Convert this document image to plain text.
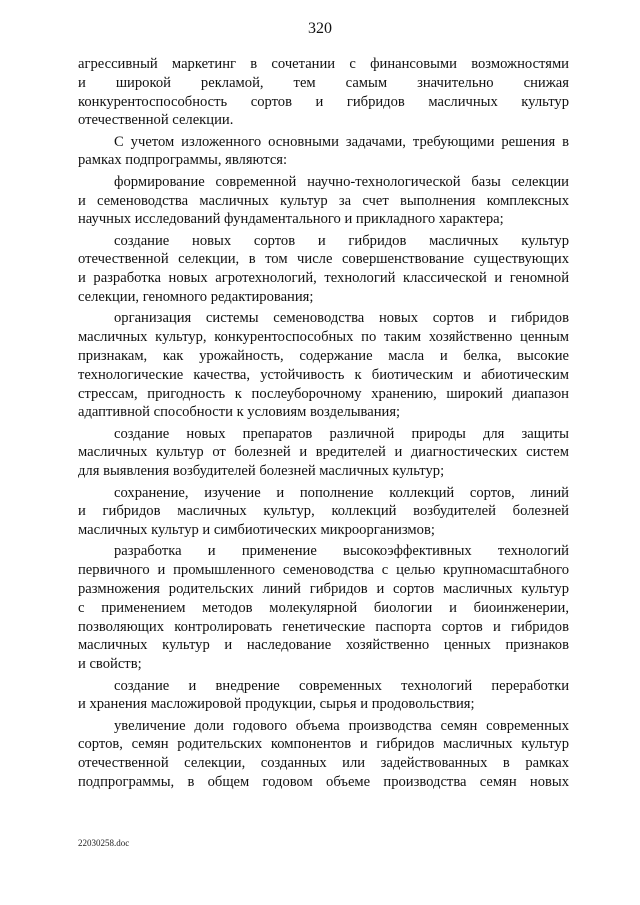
320
агрессивный маркетинг в сочетании с финансовыми возможностями
и широкой рекламой, тем самым значительно снижая
конкурентоспособность сортов и гибридов масличных культур
отечественной селекции.
С учетом изложенного основными задачами, требующими решения в
рамках подпрограммы, являются:
формирование современной научно-технологической базы селекции
и семеноводства масличных культур за счет выполнения комплексных
научных исследований фундаментального и прикладного характера;
создание новых сортов и гибридов масличных культур
отечественной селекции, в том числе совершенствование существующих
и разработка новых агротехнологий, технологий классической и геномной
селекции, геномного редактирования;
организация системы семеноводства новых сортов и гибридов
масличных культур, конкурентоспособных по таким хозяйственно ценным
признакам, как урожайность, содержание масла и белка, высокие
технологические качества, устойчивость к биотическим и абиотическим
стрессам, пригодность к послеуборочному хранению, широкий диапазон
адаптивной способности к условиям возделывания;
создание новых препаратов различной природы для защиты
масличных культур от болезней и вредителей и диагностических систем
для выявления возбудителей болезней масличных культур;
сохранение, изучение и пополнение коллекций сортов, линий
и гибридов масличных культур, коллекций возбудителей болезней
масличных культур и симбиотических микроорганизмов;
разработка и применение высокоэффективных технологий
первичного и промышленного семеноводства с целью крупномасштабного
размножения родительских линий гибридов и сортов масличных культур
с применением методов молекулярной биологии и биоинженерии,
позволяющих контролировать генетические паспорта сортов и гибридов
масличных культур и наследование хозяйственно ценных признаков
и свойств;
создание и внедрение современных технологий переработки
и хранения масложировой продукции, сырья и продовольствия;
увеличение доли годового объема производства семян современных
сортов, семян родительских компонентов и гибридов масличных культур
отечественной селекции, созданных или задействованных в рамках
подпрограммы, в общем годовом объеме производства семян новых
22030258.doc
